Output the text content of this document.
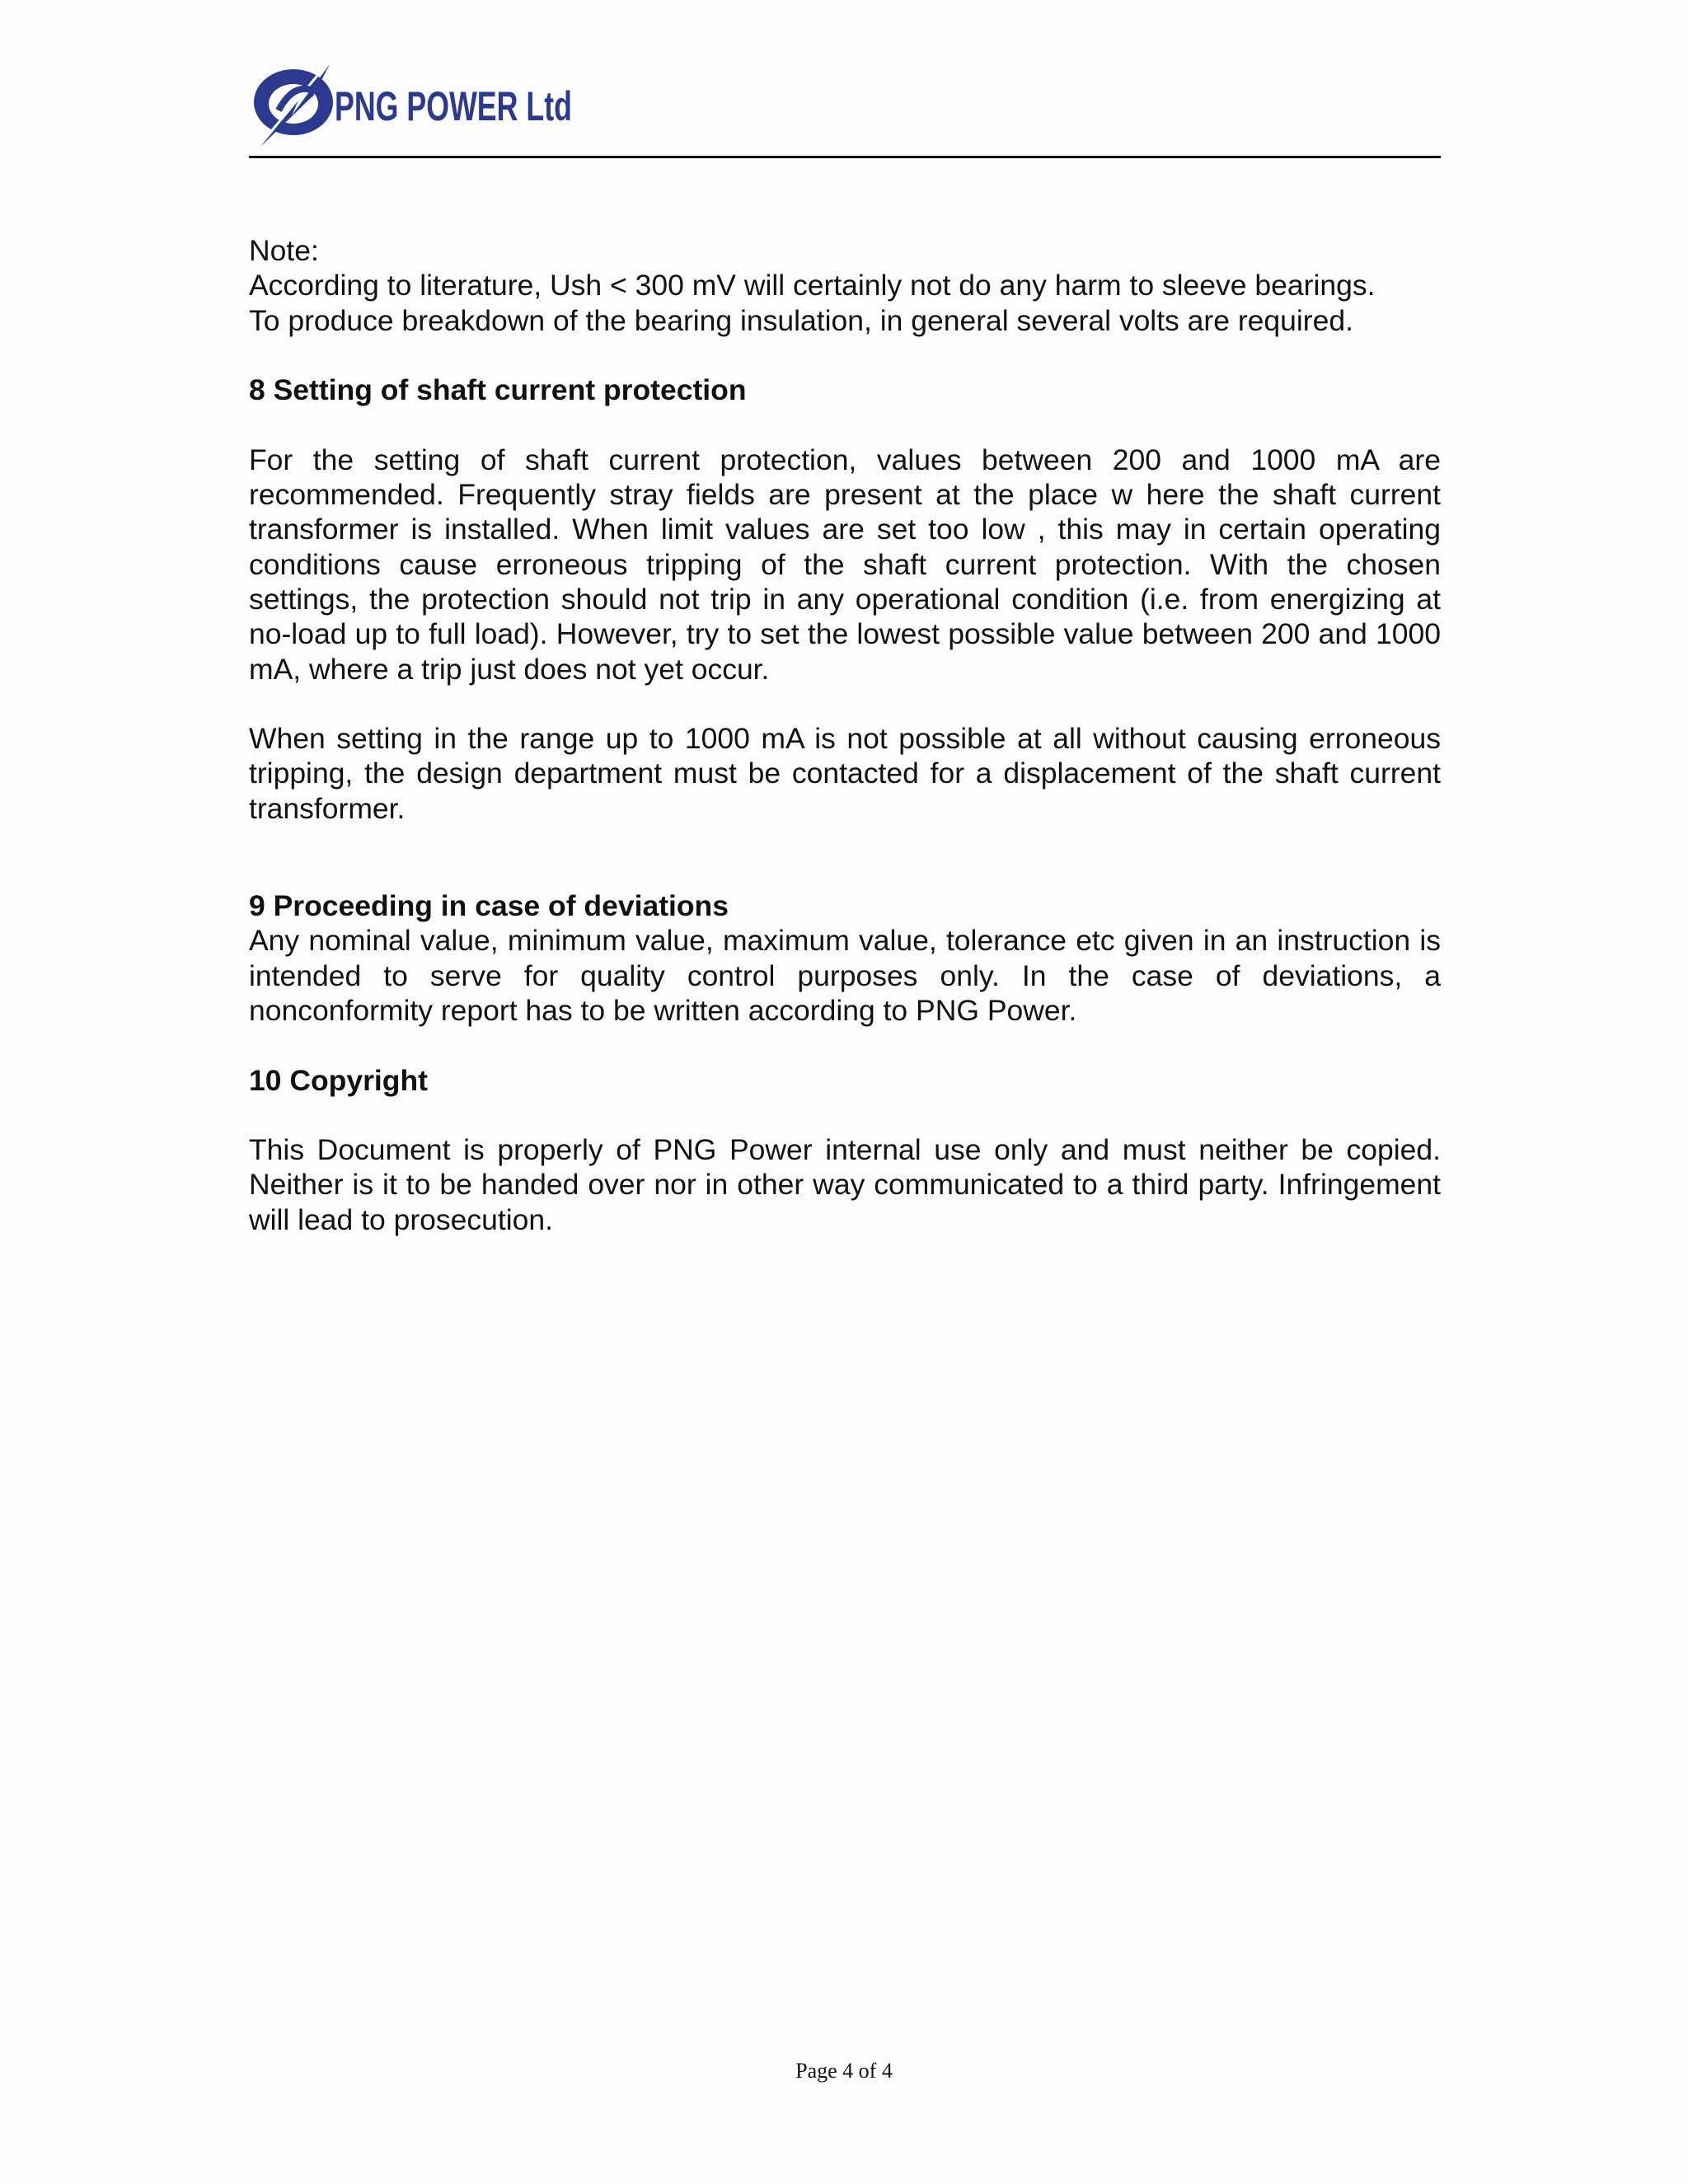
PNG POWER Ltd

Note:

According to literature, Ush < 300 mV will certainly not do any harm to sleeve bearings.

To produce breakdown of the bearing insulation, in general several volts are required.

8 Setting of shaft current protection

For the setting of shaft current protection, values between 200 and 1000 mA are recommended. Frequently stray fields are present at the place w here the shaft current transformer is installed. When limit values are set too low , this may in certain operating conditions cause erroneous tripping of the shaft current protection. With the chosen settings, the protection should not trip in any operational condition (i.e. from energizing at no-load up to full load). However, try to set the lowest possible value between 200 and 1000 mA, where a trip just does not yet occur.

When setting in the range up to 1000 mA is not possible at all without causing erroneous tripping, the design department must be contacted for a displacement of the shaft current transformer.

9 Proceeding in case of deviations

Any nominal value, minimum value, maximum value, tolerance etc given in an instruction is intended to serve for quality control purposes only. In the case of deviations, a nonconformity report has to be written according to PNG Power.

10 Copyright

This Document is properly of PNG Power internal use only and must neither be copied. Neither is it to be handed over nor in other way communicated to a third party. Infringement will lead to prosecution.

Page 4 of 4
